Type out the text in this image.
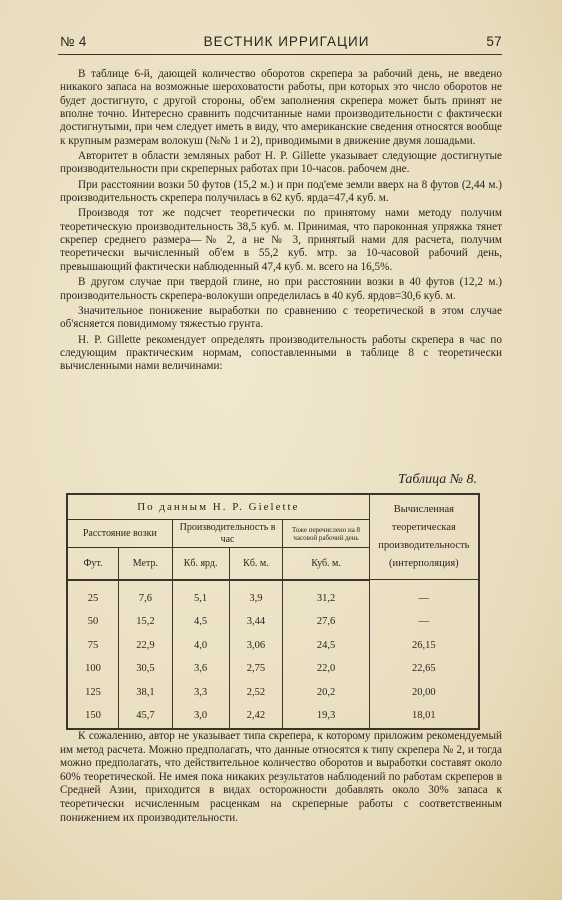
№ 4	ВЕСТНИК ИРРИГАЦИИ	57

В таблице 6-й, дающей количество оборотов скрепера за рабочий день, не введено никакого запаса на возможные шероховатости работы, при которых это число оборотов не будет достигнуто, с другой стороны, об'ем заполнения скрепера может быть принят не вполне точно. Интересно сравнить подсчитанные нами производительности с фактически достигнутыми, при чем следует иметь в виду, что американские сведения относятся вообще к крупным размерам волокуш (№№ 1 и 2), приводимыми в движение двумя лошадьми.

Авторитет в области земляных работ H. P. Gillette указывает следующие достигнутые производительности при скреперных работах при 10-часов. рабочем дне.

При расстоянии возки 50 футов (15,2 м.) и при под'еме земли вверх на 8 футов (2,44 м.) производительность скрепера получилась в 62 куб. ярда=47,4 куб. м.

Производя тот же подсчет теоретически по принятому нами методу получим теоретическую производительность 38,5 куб. м. Принимая, что пароконная упряжка тянет скрепер среднего размера—№ 2, а не № 3, принятый нами для расчета, получим теоретически вычисленный об'ем в 55,2 куб. мтр. за 10-часовой рабочий день, превышающий фактически наблюденный 47,4 куб. м. всего на 16,5%.

В другом случае при твердой глине, но при расстоянии возки в 40 футов (12,2 м.) производительность скрепера-волокуши определилась в 40 куб. ярдов=30,6 куб. м.

Значительное понижение выработки по сравнению с теоретической в этом случае об'ясняется повидимому тяжестью грунта.

H. P. Gillette рекомендует определять производительность работы скрепера в час по следующим практическим нормам, сопоставленными в таблице 8 с теоретически вычисленными нами величинами:

Таблица № 8.
По данным H. P. Gielette					Вычисленная теоретическая производительность (интерполяция)
Расстояние возки		Производительность в час		Тоже перечислено на 8 часовой рабочий день	
Фут.	Метр.	Кб. ярд.	Кб. м.	Куб. м.	
25	7,6	5,1	3,9	31,2	—
50	15,2	4,5	3,44	27,6	—
75	22,9	4,0	3,06	24,5	26,15
100	30,5	3,6	2,75	22,0	22,65
125	38,1	3,3	2,52	20,2	20,00
150	45,7	3,0	2,42	19,3	18,01

К сожалению, автор не указывает типа скрепера, к которому приложим рекомендуемый им метод расчета. Можно предполагать, что данные относятся к типу скрепера № 2, и тогда можно предполагать, что действительное количество оборотов и выработки составят около 60% теоретической. Не имея пока никаких результатов наблюдений по работам скреперов в Средней Азии, приходится в видах осторожности добавлять около 30% запаса к теоретически исчисленным расценкам на скреперные работы с соответственным понижением их производительности.
